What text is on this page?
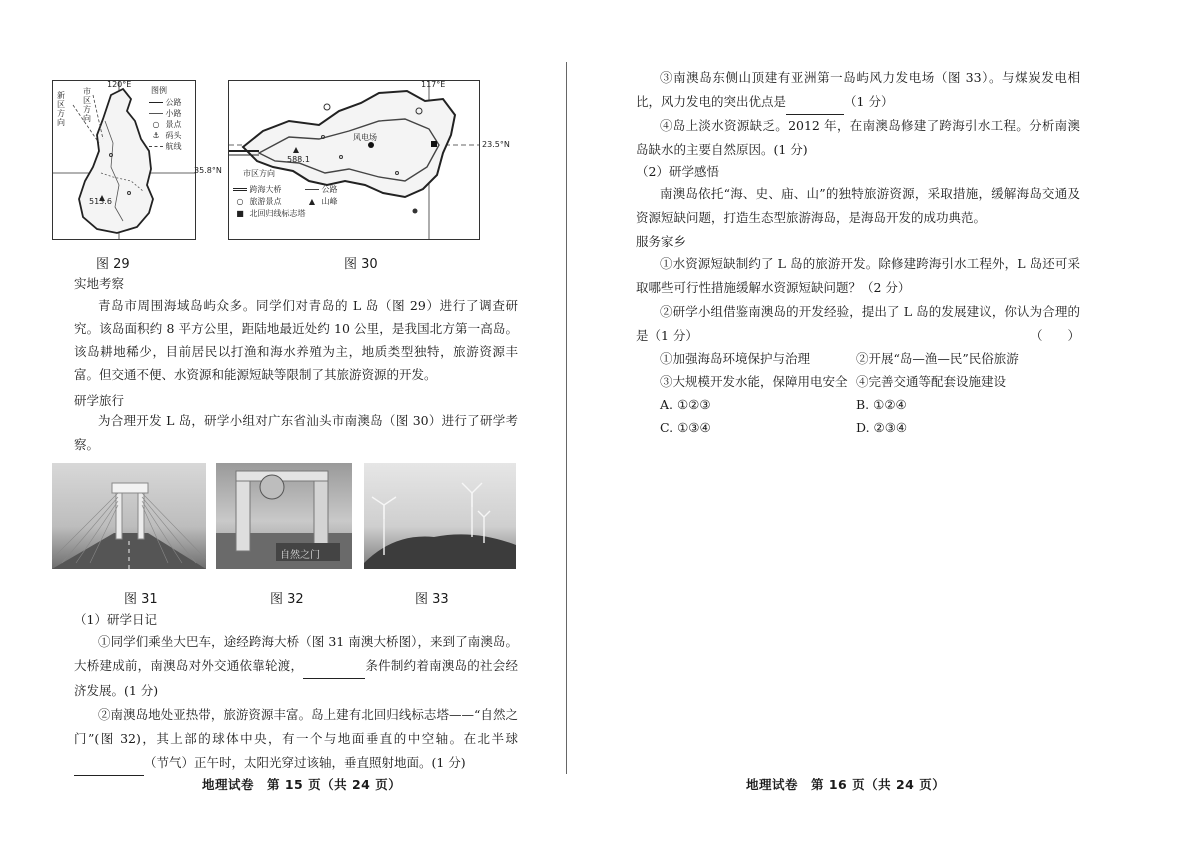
120°E
新
区
方
向
市
区
方
向
513.6
图例
公路
小路
○ 景点
⚓ 码头
航线
35.8°N
图 29
117°E
风电场
588.1
市区方向
跨海大桥	公路
○ 旅游景点	▲ 山峰
■ 北回归线标志塔
23.5°N
图 30
实地考察
青岛市周围海域岛屿众多。同学们对青岛的 L 岛（图 29）进行了调查研究。该岛面积约 8 平方公里，距陆地最近处约 10 公里，是我国北方第一高岛。该岛耕地稀少，目前居民以打渔和海水养殖为主，地质类型独特，旅游资源丰富。但交通不便、水资源和能源短缺等限制了其旅游资源的开发。
研学旅行
为合理开发 L 岛，研学小组对广东省汕头市南澳岛（图 30）进行了研学考察。
自然之门
图 31	图 32	图 33
（1）研学日记
①同学们乘坐大巴车，途经跨海大桥（图 31 南澳大桥图），来到了南澳岛。大桥建成前，南澳岛对外交通依靠轮渡，	条件制约着南澳岛的社会经济发展。(1 分)
②南澳岛地处亚热带，旅游资源丰富。岛上建有北回归线标志塔——“自然之门”(图 32)，其上部的球体中央，有一个与地面垂直的中空轴。在北半球 （节气）正午时，太阳光穿过该轴，垂直照射地面。(1 分)
地理试卷　第 15 页（共 24 页）
③南澳岛东侧山顶建有亚洲第一岛屿风力发电场（图 33）。与煤炭发电相比，风力发电的突出优点是	（1 分）
④岛上淡水资源缺乏。2012 年，在南澳岛修建了跨海引水工程。分析南澳岛缺水的主要自然原因。(1 分)
（2）研学感悟
南澳岛依托“海、史、庙、山”的独特旅游资源，采取措施，缓解海岛交通及资源短缺问题，打造生态型旅游海岛，是海岛开发的成功典范。
服务家乡
①水资源短缺制约了 L 岛的旅游开发。除修建跨海引水工程外，L 岛还可采取哪些可行性措施缓解水资源短缺问题？（2 分）
②研学小组借鉴南澳岛的开发经验，提出了 L 岛的发展建议，你认为合理的是（1 分）	（　　）
①加强海岛环境保护与治理	②开展“岛—渔—民”民俗旅游
③大规模开发水能，保障用电安全 ④完善交通等配套设施建设
A. ①②③	B. ①②④
C. ①③④	D. ②③④
地理试卷　第 16 页（共 24 页）
